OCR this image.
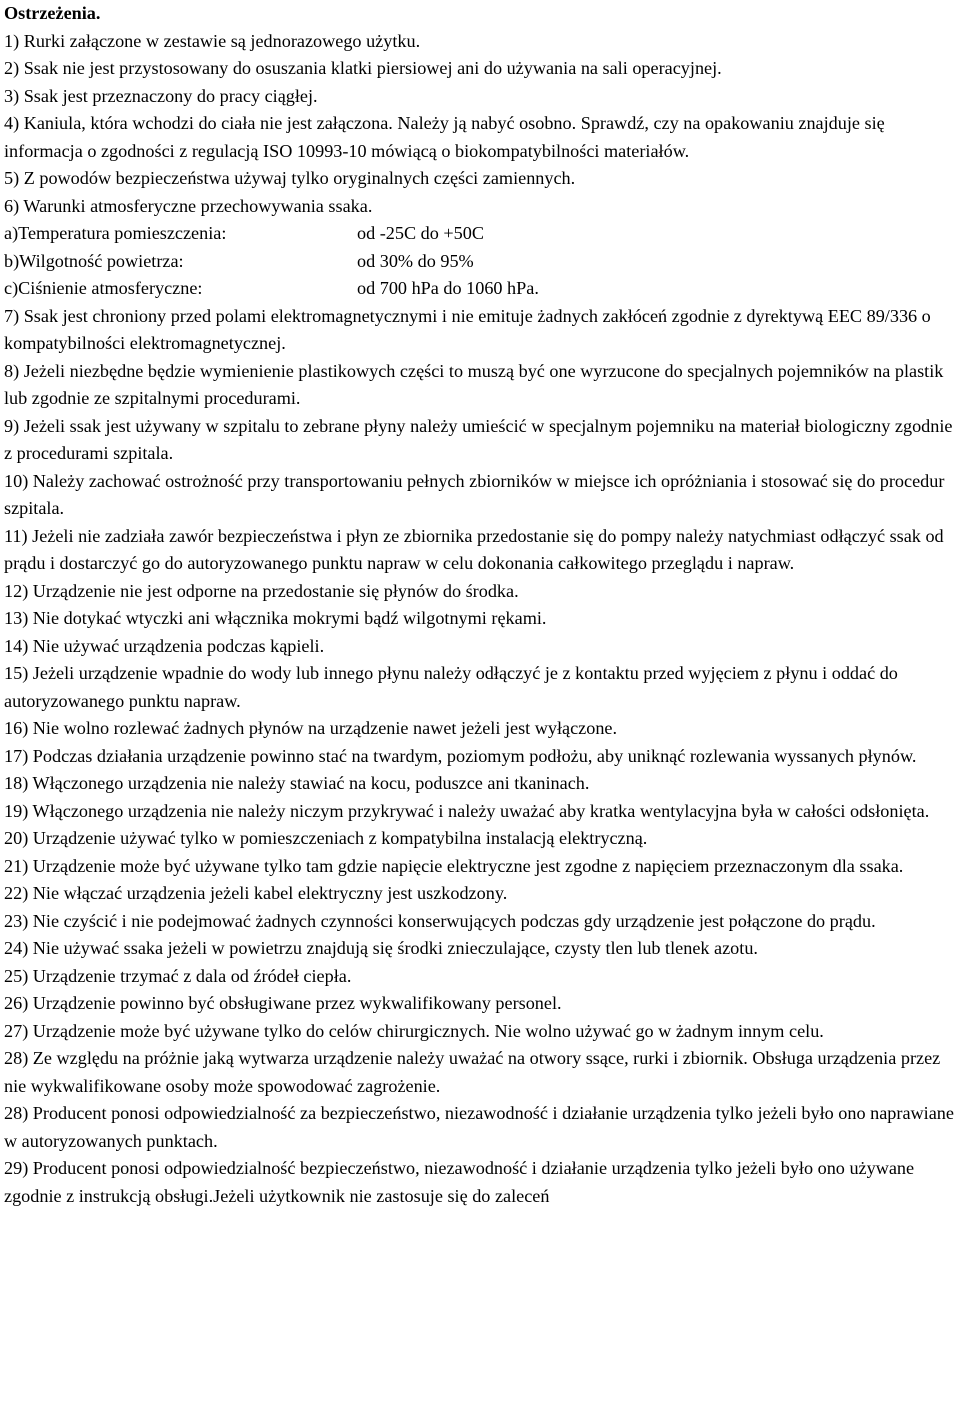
Ostrzeżenia.

1) Rurki załączone w zestawie są jednorazowego użytku.

2) Ssak nie jest przystosowany do osuszania klatki piersiowej ani do używania na sali operacyjnej.

3) Ssak jest przeznaczony do pracy ciągłej.

4) Kaniula, która wchodzi do ciała nie jest załączona. Należy ją nabyć osobno. Sprawdź, czy na opakowaniu znajduje się informacja o zgodności z regulacją ISO 10993-10 mówiącą o biokompatybilności materiałów.

5) Z powodów bezpieczeństwa używaj tylko oryginalnych części zamiennych.

6) Warunki atmosferyczne przechowywania ssaka.

a)Temperatura pomieszczenia:	od -25C do +50C
b)Wilgotność powietrza:	od 30% do 95%
c)Ciśnienie atmosferyczne:	od 700 hPa do 1060 hPa.

7) Ssak jest chroniony przed polami elektromagnetycznymi i nie emituje żadnych zakłóceń zgodnie z dyrektywą EEC 89/336 o kompatybilności elektromagnetycznej.

8) Jeżeli niezbędne będzie wymienienie plastikowych części to muszą być one wyrzucone do specjalnych pojemników na plastik lub zgodnie ze szpitalnymi procedurami.

9) Jeżeli ssak jest używany w szpitalu to zebrane płyny należy umieścić w specjalnym pojemniku na materiał biologiczny zgodnie z procedurami szpitala.

10) Należy zachować ostrożność przy transportowaniu pełnych zbiorników w miejsce ich opróżniania i stosować się do procedur szpitala.

11) Jeżeli nie zadziała zawór bezpieczeństwa i płyn ze zbiornika przedostanie się do pompy należy natychmiast odłączyć ssak od prądu i dostarczyć go do autoryzowanego punktu napraw w celu dokonania całkowitego przeglądu i napraw.

12) Urządzenie nie jest odporne na przedostanie się płynów do środka.

13) Nie dotykać wtyczki ani włącznika mokrymi bądź wilgotnymi rękami.

14) Nie używać urządzenia podczas kąpieli.

15) Jeżeli urządzenie wpadnie do wody lub innego płynu należy odłączyć je z kontaktu przed wyjęciem z płynu i oddać do autoryzowanego punktu napraw.

16) Nie wolno rozlewać żadnych płynów na urządzenie nawet jeżeli jest wyłączone.

17) Podczas działania urządzenie powinno stać na twardym, poziomym podłożu, aby uniknąć rozlewania wyssanych płynów.

18) Włączonego urządzenia nie należy stawiać na kocu, poduszce ani tkaninach.

19) Włączonego urządzenia nie należy niczym przykrywać i należy uważać aby kratka wentylacyjna była w całości odsłonięta.

20) Urządzenie używać tylko w pomieszczeniach z kompatybilna instalacją elektryczną.

21) Urządzenie może być używane tylko tam gdzie napięcie elektryczne jest zgodne z napięciem przeznaczonym dla ssaka.

22) Nie włączać urządzenia jeżeli kabel elektryczny jest uszkodzony.

23) Nie czyścić i nie podejmować żadnych czynności konserwujących podczas gdy urządzenie jest połączone do prądu.

24) Nie używać ssaka jeżeli w powietrzu znajdują się środki znieczulające, czysty tlen lub tlenek azotu.

25) Urządzenie trzymać z dala od źródeł ciepła.

26) Urządzenie powinno być obsługiwane przez wykwalifikowany personel.

27) Urządzenie może być używane tylko do celów chirurgicznych. Nie wolno używać go w żadnym innym celu.

28) Ze względu na próżnie jaką wytwarza urządzenie należy uważać na otwory ssące, rurki i zbiornik. Obsługa urządzenia przez nie wykwalifikowane osoby może spowodować zagrożenie.

28) Producent ponosi odpowiedzialność za bezpieczeństwo, niezawodność i działanie urządzenia tylko jeżeli było ono naprawiane w autoryzowanych punktach.

29) Producent ponosi odpowiedzialność bezpieczeństwo, niezawodność i działanie urządzenia tylko jeżeli było ono używane zgodnie z instrukcją obsługi.Jeżeli użytkownik nie zastosuje się do zaleceń
